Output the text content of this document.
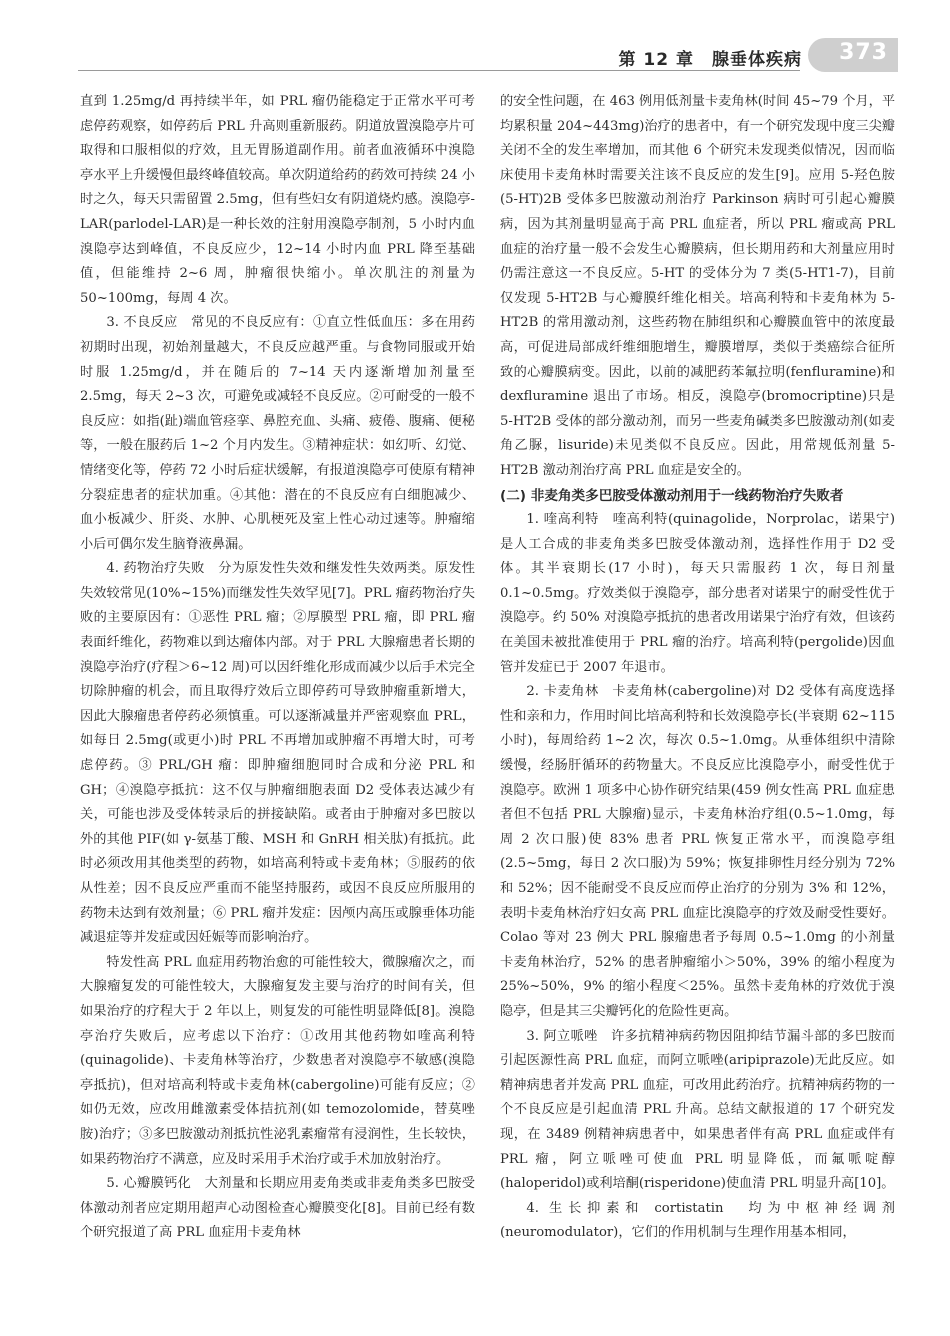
第 12 章　腺垂体疾病 373

直到 1.25mg/d 再持续半年，如 PRL 瘤仍能稳定于正常水平可考虑停药观察，如停药后 PRL 升高则重新服药。阴道放置溴隐亭片可取得和口服相似的疗效，且无胃肠道副作用。前者血液循环中溴隐亭水平上升缓慢但最终峰值较高。单次阴道给药的药效可持续 24 小时之久，每天只需留置 2.5mg，但有些妇女有阴道烧灼感。溴隐亭-LAR(parlodel-LAR)是一种长效的注射用溴隐亭制剂，5 小时内血溴隐亭达到峰值，不良反应少，12~14 小时内血 PRL 降至基础值，但能维持 2~6 周，肿瘤很快缩小。单次肌注的剂量为 50~100mg，每周 4 次。

3. 不良反应　常见的不良反应有：①直立性低血压：多在用药初期时出现，初始剂量越大，不良反应越严重。与食物同服或开始时服 1.25mg/d，并在随后的 7~14 天内逐渐增加剂量至 2.5mg，每天 2~3 次，可避免或减轻不良反应。②可耐受的一般不良反应：如指(趾)端血管痉挛、鼻腔充血、头痛、疲倦、腹痛、便秘等，一般在服药后 1~2 个月内发生。③精神症状：如幻听、幻觉、情绪变化等，停药 72 小时后症状缓解，有报道溴隐亭可使原有精神分裂症患者的症状加重。④其他：潜在的不良反应有白细胞减少、血小板减少、肝炎、水肿、心肌梗死及室上性心动过速等。肿瘤缩小后可偶尔发生脑脊液鼻漏。

4. 药物治疗失败　分为原发性失效和继发性失效两类。原发性失效较常见(10%~15%)而继发性失效罕见[7]。PRL 瘤药物治疗失败的主要原因有：①恶性 PRL 瘤；②厚膜型 PRL 瘤，即 PRL 瘤表面纤维化，药物难以到达瘤体内部。对于 PRL 大腺瘤患者长期的溴隐亭治疗(疗程＞6~12 周)可以因纤维化形成而减少以后手术完全切除肿瘤的机会，而且取得疗效后立即停药可导致肿瘤重新增大，因此大腺瘤患者停药必须慎重。可以逐渐减量并严密观察血 PRL，如每日 2.5mg(或更小)时 PRL 不再增加或肿瘤不再增大时，可考虑停药。③ PRL/GH 瘤：即肿瘤细胞同时合成和分泌 PRL 和 GH；④溴隐亭抵抗：这不仅与肿瘤细胞表面 D2 受体表达减少有关，可能也涉及受体转录后的拼接缺陷。或者由于肿瘤对多巴胺以外的其他 PIF(如 γ-氨基丁酸、MSH 和 GnRH 相关肽)有抵抗。此时必须改用其他类型的药物，如培高利特或卡麦角林；⑤服药的依从性差；因不良反应严重而不能坚持服药，或因不良反应所服用的药物未达到有效剂量；⑥ PRL 瘤并发症：因颅内高压或腺垂体功能减退症等并发症或因妊娠等而影响治疗。

特发性高 PRL 血症用药物治愈的可能性较大，微腺瘤次之，而大腺瘤复发的可能性较大，大腺瘤复发主要与治疗的时间有关，但如果治疗的疗程大于 2 年以上，则复发的可能性明显降低[8]。溴隐亭治疗失败后，应考虑以下治疗：①改用其他药物如喹高利特(quinagolide)、卡麦角林等治疗，少数患者对溴隐亭不敏感(溴隐亭抵抗)，但对培高利特或卡麦角林(cabergoline)可能有反应；②如仍无效，应改用雌激素受体拮抗剂(如 temozolomide，替莫唑胺)治疗；③多巴胺激动剂抵抗性泌乳素瘤常有浸润性，生长较快，如果药物治疗不满意，应及时采用手术治疗或手术加放射治疗。

5. 心瓣膜钙化　大剂量和长期应用麦角类或非麦角类多巴胺受体激动剂者应定期用超声心动图检查心瓣膜变化[8]。目前已经有数个研究报道了高 PRL 血症用卡麦角林

的安全性问题，在 463 例用低剂量卡麦角林(时间 45~79 个月，平均累积量 204~443mg)治疗的患者中，有一个研究发现中度三尖瓣关闭不全的发生率增加，而其他 6 个研究未发现类似情况，因而临床使用卡麦角林时需要关注该不良反应的发生[9]。应用 5-羟色胺(5-HT)2B 受体多巴胺激动剂治疗 Parkinson 病时可引起心瓣膜病，因为其剂量明显高于高 PRL 血症者，所以 PRL 瘤或高 PRL 血症的治疗量一般不会发生心瓣膜病，但长期用药和大剂量应用时仍需注意这一不良反应。5-HT 的受体分为 7 类(5-HT1-7)，目前仅发现 5-HT2B 与心瓣膜纤维化相关。培高利特和卡麦角林为 5-HT2B 的常用激动剂，这些药物在肺组织和心瓣膜血管中的浓度最高，可促进局部成纤维细胞增生，瓣膜增厚，类似于类癌综合征所致的心瓣膜病变。因此，以前的减肥药苯氟拉明(fenfluramine)和 dexfluramine 退出了市场。相反，溴隐亭(bromocriptine)只是 5-HT2B 受体的部分激动剂，而另一些麦角碱类多巴胺激动剂(如麦角乙脲，lisuride)未见类似不良反应。因此，用常规低剂量 5-HT2B 激动剂治疗高 PRL 血症是安全的。

(二) 非麦角类多巴胺受体激动剂用于一线药物治疗失败者

1. 喹高利特　喹高利特(quinagolide，Norprolac，诺果宁)是人工合成的非麦角类多巴胺受体激动剂，选择性作用于 D2 受体。其半衰期长(17 小时)，每天只需服药 1 次，每日剂量 0.1~0.5mg。疗效类似于溴隐亭，部分患者对诺果宁的耐受性优于溴隐亭。约 50% 对溴隐亭抵抗的患者改用诺果宁治疗有效，但该药在美国未被批准使用于 PRL 瘤的治疗。培高利特(pergolide)因血管并发症已于 2007 年退市。

2. 卡麦角林　卡麦角林(cabergoline)对 D2 受体有高度选择性和亲和力，作用时间比培高利特和长效溴隐亭长(半衰期 62~115 小时)，每周给药 1~2 次，每次 0.5~1.0mg。从垂体组织中清除缓慢，经肠肝循环的药物量大。不良反应比溴隐亭小，耐受性优于溴隐亭。欧洲 1 项多中心协作研究结果(459 例女性高 PRL 血症患者但不包括 PRL 大腺瘤)显示，卡麦角林治疗组(0.5~1.0mg，每周 2 次口服)使 83% 患者 PRL 恢复正常水平，而溴隐亭组(2.5~5mg，每日 2 次口服)为 59%；恢复排卵性月经分别为 72% 和 52%；因不能耐受不良反应而停止治疗的分别为 3% 和 12%，表明卡麦角林治疗妇女高 PRL 血症比溴隐亭的疗效及耐受性要好。Colao 等对 23 例大 PRL 腺瘤患者予每周 0.5~1.0mg 的小剂量卡麦角林治疗，52% 的患者肿瘤缩小＞50%，39% 的缩小程度为 25%~50%，9% 的缩小程度＜25%。虽然卡麦角林的疗效优于溴隐亭，但是其三尖瓣钙化的危险性更高。

3. 阿立哌唑　许多抗精神病药物因阻抑结节漏斗部的多巴胺而引起医源性高 PRL 血症，而阿立哌唑(aripiprazole)无此反应。如精神病患者并发高 PRL 血症，可改用此药治疗。抗精神病药物的一个不良反应是引起血清 PRL 升高。总结文献报道的 17 个研究发现，在 3489 例精神病患者中，如果患者伴有高 PRL 血症或伴有 PRL 瘤，阿立哌唑可使血 PRL 明显降低，而氟哌啶醇(haloperidol)或利培酮(risperidone)使血清 PRL 明显升高[10]。

4. 生长抑素和 cortistatin　均为中枢神经调剂(neuromodulator)，它们的作用机制与生理作用基本相同，
